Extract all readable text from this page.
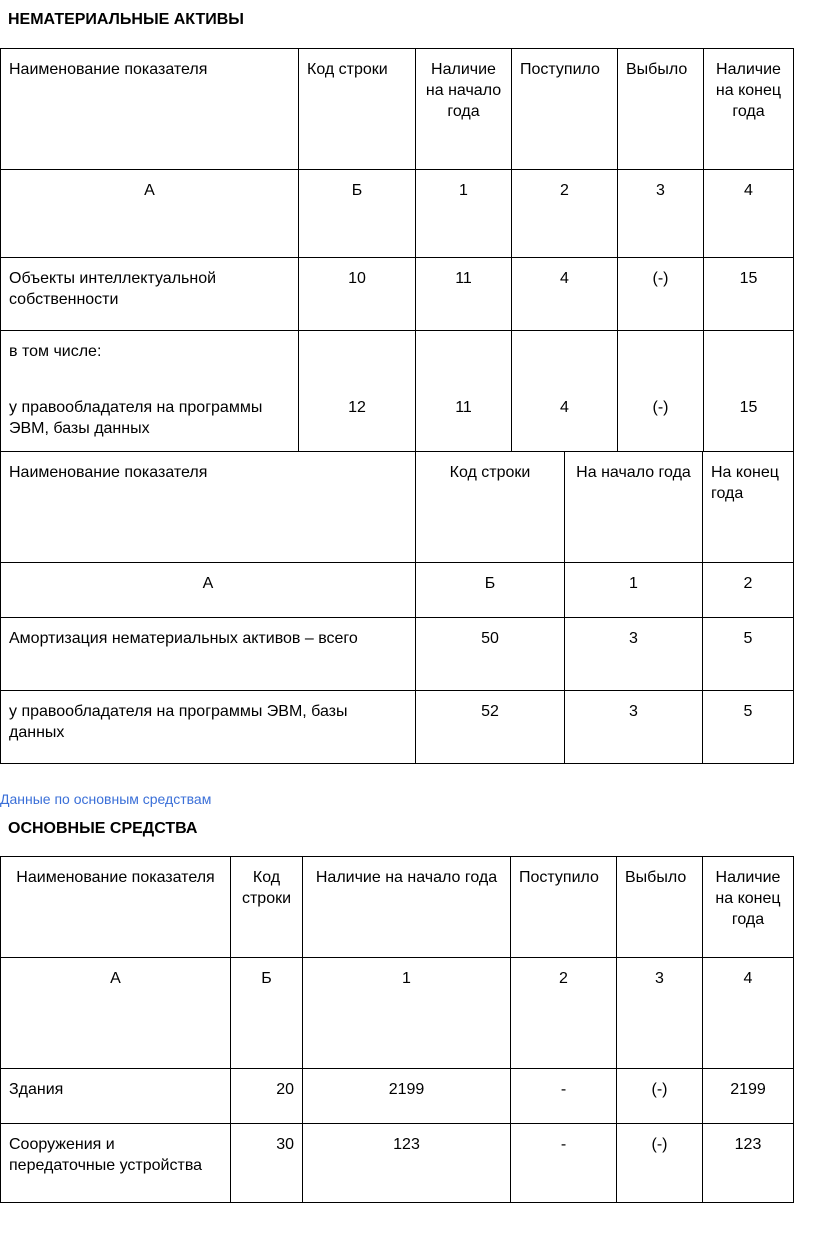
НЕМАТЕРИАЛЬНЫЕ АКТИВЫ
Наименование показателя	Код строки	Наличие на начало года	Поступило	Выбыло	Наличие на конец года
А	Б	1	2	3	4
Объекты интеллектуальной собственности	10	11	4	(-)	15

в том числе:
у правообладателя на программы ЭВМ, базы данных	12	11	4	(-)	15
Наименование показателя	Код строки	На начало года	На конец года
А	Б	1	2
Амортизация нематериальных активов – всего	50	3	5
у правообладателя на программы ЭВМ, базы данных	52	3	5
Данные по основным средствам
ОСНОВНЫЕ СРЕДСТВА
Наименование показателя	Код строки	Наличие на начало года	Поступило	Выбыло	Наличие на конец года
А	Б	1	2	3	4
Здания	20	2199	-	(-)	2199
Сооружения и передаточные устройства	30	123	-	(-)	123
